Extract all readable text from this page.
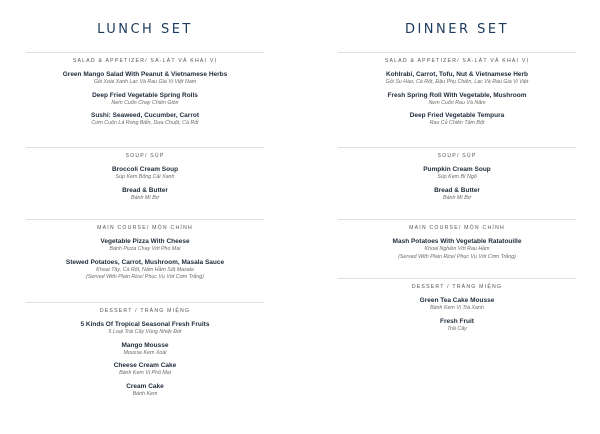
LUNCH SET
SALAD & APPETIZER/ SA-LÁT VÀ KHAI VỊ
Green Mango Salad With Peanut & Vietnamese Herbs
Gỏi Xoài Xanh Lạc Và Rau Gia Vị Việt Nam
Deep Fried Vegetable Spring Rolls
Nem Cuốn Chay Chiên Giòn
Sushi: Seaweed, Cucumber, Carrot
Cơm Cuộn Lá Rong Biển, Dưa Chuột, Cà Rốt
SOUP/ SÚP
Broccoli Cream Soup
Súp Kem Bông Cải Xanh
Bread & Butter
Bánh Mì Bơ
MAIN COURSE/ MÓN CHÍNH
Vegetable Pizza With Cheese
Bánh Pizza Chay Với Pho Mai
Stewed Potatoes, Carrot, Mushroom, Masala Sauce
Khoai Tây, Cà Rốt, Nấm Hầm Sốt Masala
(Served With Plain Rice/ Phục Vụ Với Cơm Trắng)
DESSERT / TRÁNG MIỆNG
5 Kinds Of Tropical Seasonal Fresh Fruits
5 Loại Trái Cây Vùng Nhiệt Đới
Mango Mousse
Mousse Kem Xoài
Cheese Cream Cake
Bánh Kem Vị Phô Mai
Cream Cake
Bánh Kem
DINNER SET
SALAD & APPETIZER/ SA-LÁT VÀ KHAI VỊ
Kohlrabi, Carrot, Tofu, Nut & Vietnamese Herb
Gỏi Su Hào, Cà Rốt, Đậu Phụ Chiên, Lạc Và Rau Gia Vị Việt
Fresh Spring Roll With Vegetable, Mushroom
Nem Cuốn Rau Và Nấm
Deep Fried Vegetable Tempura
Rau Củ Chiên Tẩm Bột
SOUP/ SÚP
Pumpkin Cream Soup
Súp Kem Bí Ngô
Bread & Butter
Bánh Mì Bơ
MAIN COURSE/ MÓN CHÍNH
Mash Potatoes With Vegetable Ratatouille
Khoai Nghiền Với Rau Hầm
(Served With Plain Rice/ Phục Vụ Với Cơm Trắng)
DESSERT / TRÁNG MIỆNG
Green Tea Cake Mousse
Bánh Kem Vị Trà Xanh
Fresh Fruit
Trái Cây
